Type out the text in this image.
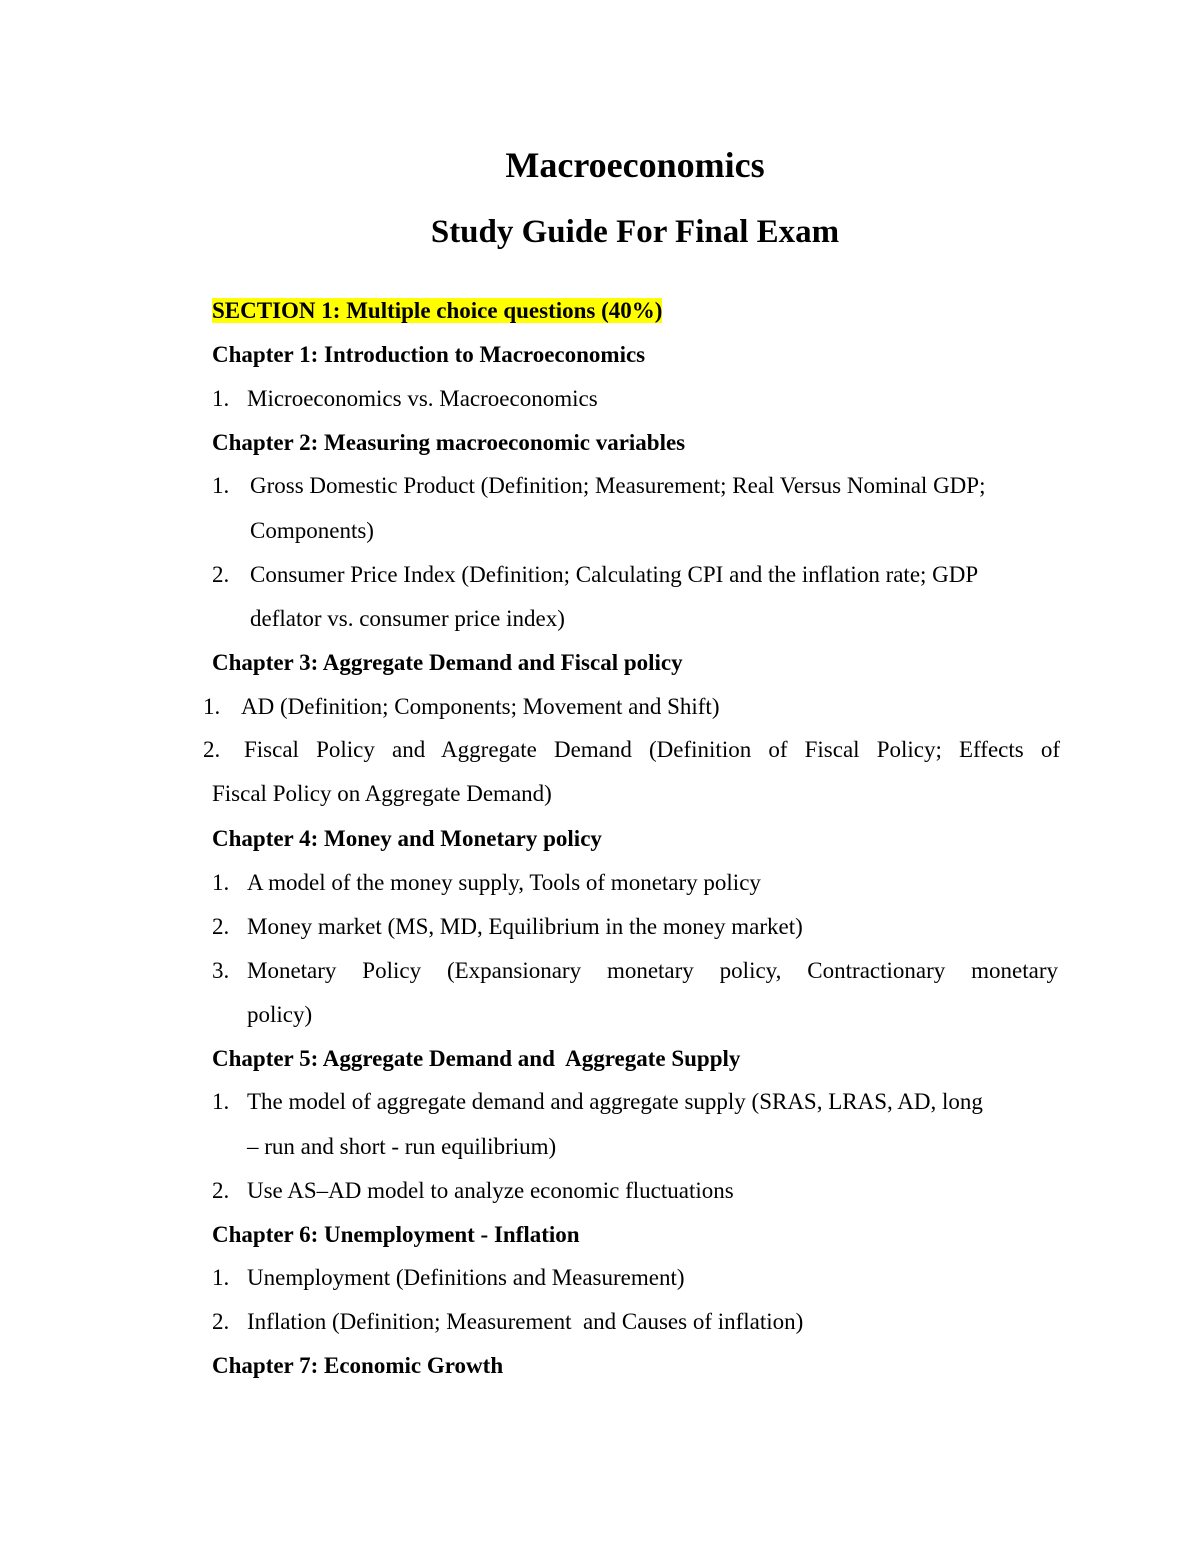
Macroeconomics
Study Guide For Final Exam
SECTION 1: Multiple choice questions (40%)
Chapter 1: Introduction to Macroeconomics
1. Microeconomics vs. Macroeconomics
Chapter 2: Measuring macroeconomic variables
1. Gross Domestic Product (Definition; Measurement; Real Versus Nominal GDP;
Components)
2. Consumer Price Index (Definition; Calculating CPI and the inflation rate; GDP
deflator vs. consumer price index)
Chapter 3: Aggregate Demand and Fiscal policy
1. AD (Definition; Components; Movement and Shift)
2. Fiscal Policy and Aggregate Demand (Definition of Fiscal Policy; Effects of
Fiscal Policy on Aggregate Demand)
Chapter 4: Money and Monetary policy
1. A model of the money supply, Tools of monetary policy
2. Money market (MS, MD, Equilibrium in the money market)
3. Monetary Policy (Expansionary monetary policy, Contractionary monetary
policy)
Chapter 5: Aggregate Demand and  Aggregate Supply
1. The model of aggregate demand and aggregate supply (SRAS, LRAS, AD, long
– run and short - run equilibrium)
2. Use AS–AD model to analyze economic fluctuations
Chapter 6: Unemployment - Inflation
1. Unemployment (Definitions and Measurement)
2. Inflation (Definition; Measurement  and Causes of inflation)
Chapter 7: Economic Growth
